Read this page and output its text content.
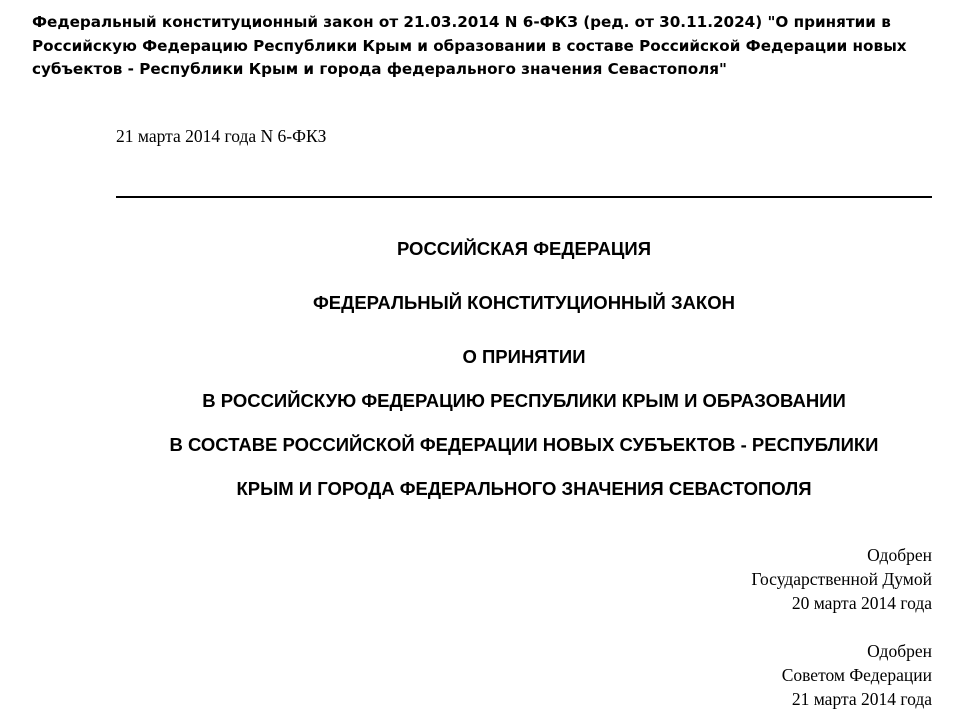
Федеральный конституционный закон от 21.03.2014 N 6-ФКЗ (ред. от 30.11.2024) "О принятии в Российскую Федерацию Республики Крым и образовании в составе Российской Федерации новых субъектов - Республики Крым и города федерального значения Севастополя"

21 марта 2014 года N 6-ФКЗ

РОССИЙСКАЯ ФЕДЕРАЦИЯ

ФЕДЕРАЛЬНЫЙ КОНСТИТУЦИОННЫЙ ЗАКОН

О ПРИНЯТИИ

В РОССИЙСКУЮ ФЕДЕРАЦИЮ РЕСПУБЛИКИ КРЫМ И ОБРАЗОВАНИИ

В СОСТАВЕ РОССИЙСКОЙ ФЕДЕРАЦИИ НОВЫХ СУБЪЕКТОВ - РЕСПУБЛИКИ

КРЫМ И ГОРОДА ФЕДЕРАЛЬНОГО ЗНАЧЕНИЯ СЕВАСТОПОЛЯ

Одобрен
Государственной Думой
20 марта 2014 года
Одобрен
Советом Федерации
21 марта 2014 года
